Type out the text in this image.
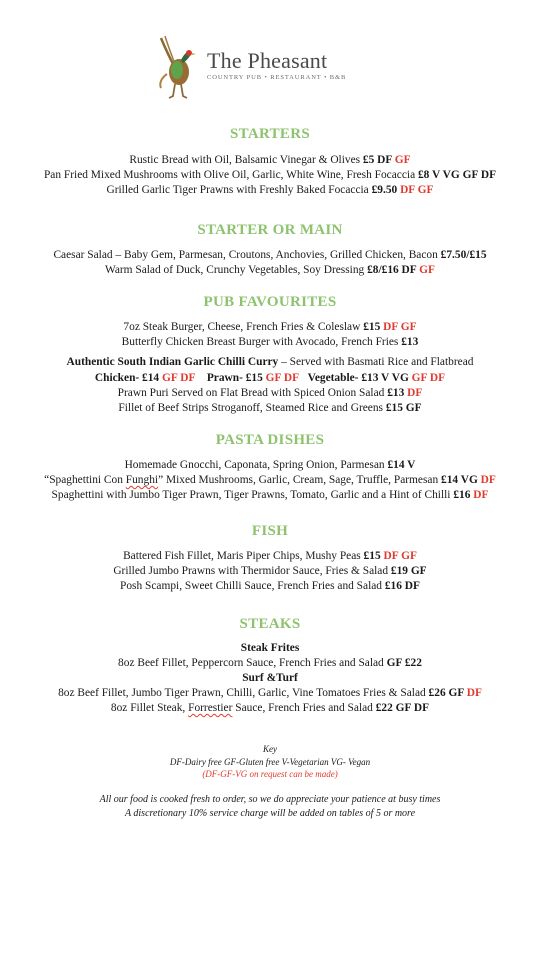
The Pheasant
COUNTRY PUB • RESTAURANT • B&B
STARTERS
Rustic Bread with Oil, Balsamic Vinegar & Olives £5 DF GF
Pan Fried Mixed Mushrooms with Olive Oil, Garlic, White Wine, Fresh Focaccia £8 V VG GF DF
Grilled Garlic Tiger Prawns with Freshly Baked Focaccia £9.50 DF GF
STARTER OR MAIN
Caesar Salad – Baby Gem, Parmesan, Croutons, Anchovies, Grilled Chicken, Bacon £7.50/£15
Warm Salad of Duck, Crunchy Vegetables, Soy Dressing £8/£16 DF GF
PUB FAVOURITES
7oz Steak Burger, Cheese, French Fries & Coleslaw £15 DF GF
Butterfly Chicken Breast Burger with Avocado, French Fries £13
Authentic South Indian Garlic Chilli Curry – Served with Basmati Rice and Flatbread
Chicken- £14 GF DF Prawn- £15 GF DF Vegetable- £13 V VG GF DF
Prawn Puri Served on Flat Bread with Spiced Onion Salad £13 DF
Fillet of Beef Strips Stroganoff, Steamed Rice and Greens £15 GF
PASTA DISHES
Homemade Gnocchi, Caponata, Spring Onion, Parmesan £14 V
“Spaghettini Con Funghi” Mixed Mushrooms, Garlic, Cream, Sage, Truffle, Parmesan £14 VG DF
Spaghettini with Jumbo Tiger Prawn, Tiger Prawns, Tomato, Garlic and a Hint of Chilli £16 DF
FISH
Battered Fish Fillet, Maris Piper Chips, Mushy Peas £15 DF GF
Grilled Jumbo Prawns with Thermidor Sauce, Fries & Salad £19 GF
Posh Scampi, Sweet Chilli Sauce, French Fries and Salad £16 DF
STEAKS
Steak Frites
8oz Beef Fillet, Peppercorn Sauce, French Fries and Salad GF £22
Surf &Turf
8oz Beef Fillet, Jumbo Tiger Prawn, Chilli, Garlic, Vine Tomatoes Fries & Salad £26 GF DF
8oz Fillet Steak, Forrestier Sauce, French Fries and Salad £22 GF DF
Key
DF-Dairy free GF-Gluten free V-Vegetarian VG- Vegan
(DF-GF-VG on request can be made)
All our food is cooked fresh to order, so we do appreciate your patience at busy times
A discretionary 10% service charge will be added on tables of 5 or more
